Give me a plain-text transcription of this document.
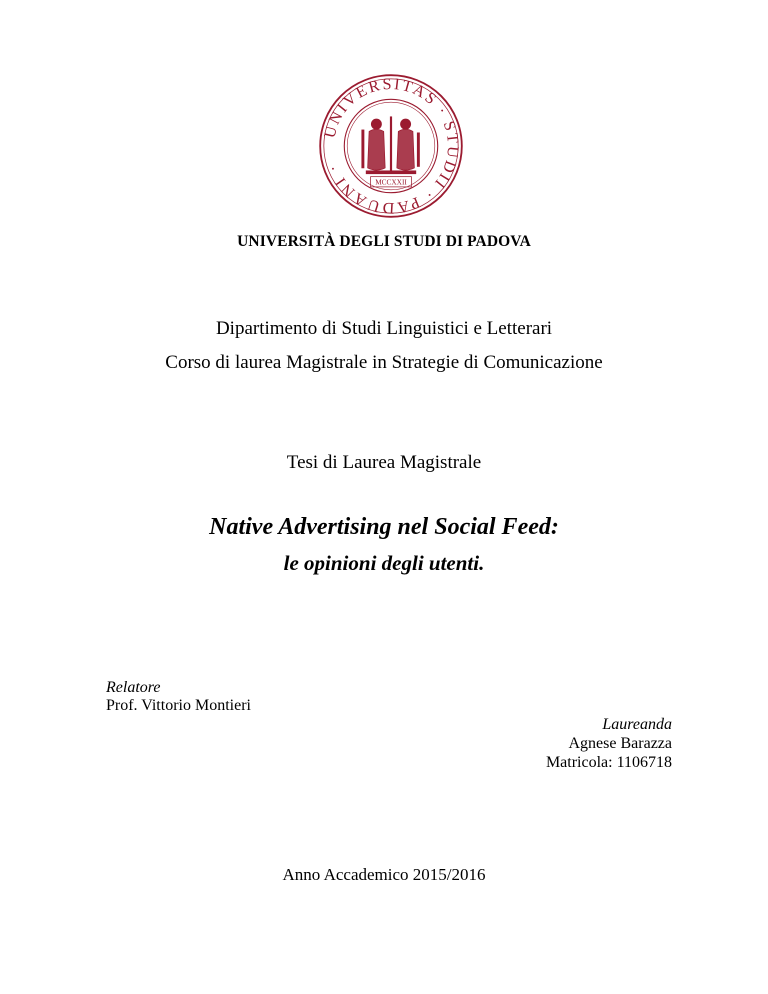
UNIVERSITAS · STUDII · PADUANI ·
MCCXXII
UNIVERSITÀ DEGLI STUDI DI PADOVA
Dipartimento di Studi Linguistici e Letterari
Corso di laurea Magistrale in Strategie di Comunicazione
Tesi di Laurea Magistrale
Native Advertising nel Social Feed:
le opinioni degli utenti.
Relatore
Prof. Vittorio Montieri
Laureanda
Agnese Barazza
Matricola: 1106718
Anno Accademico 2015/2016
